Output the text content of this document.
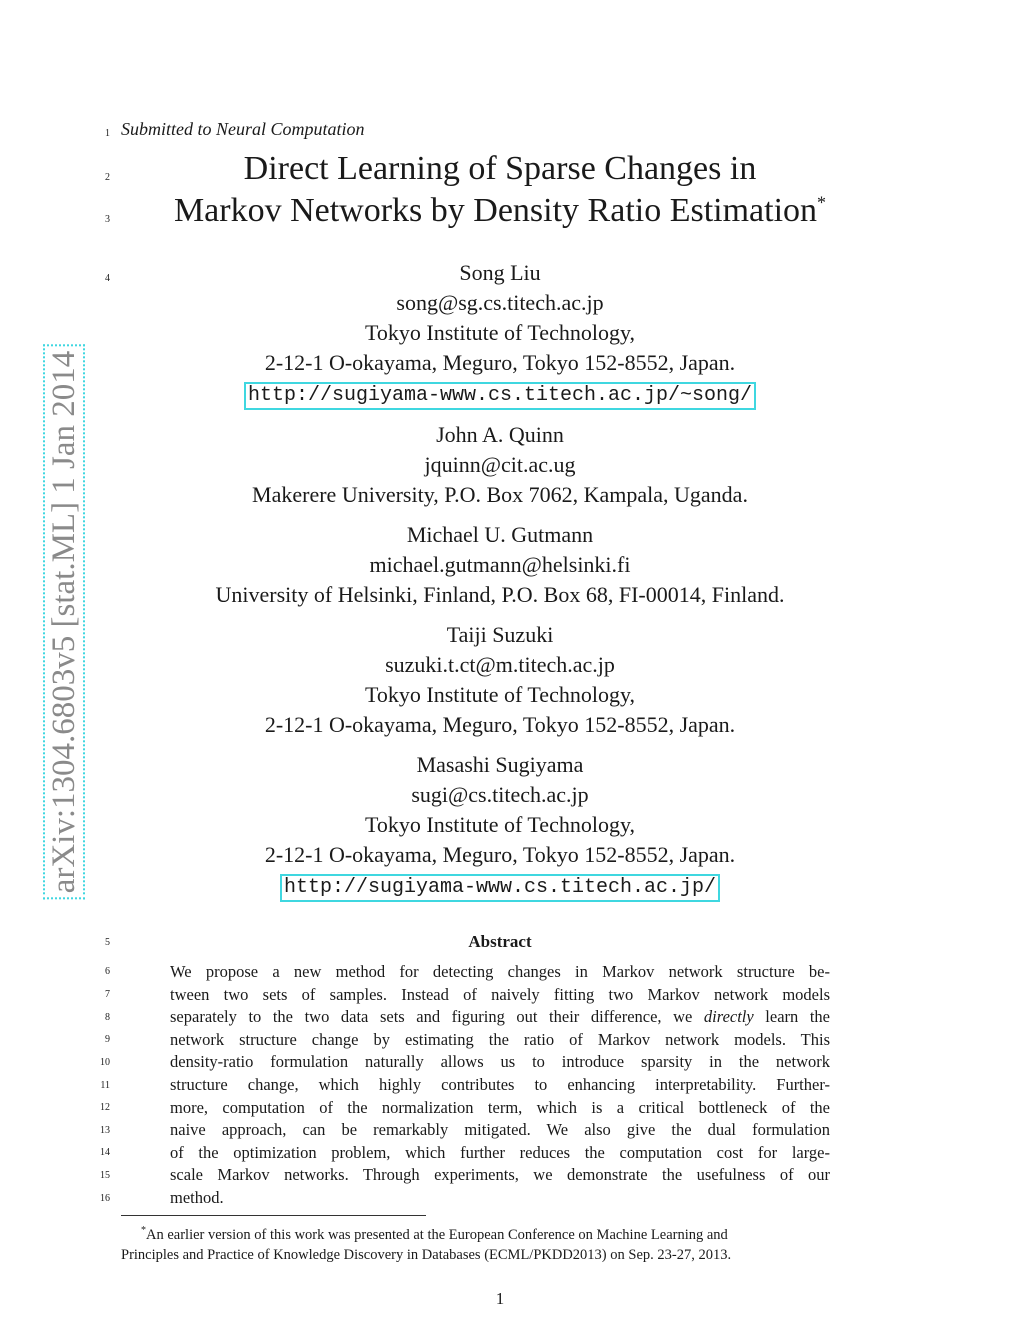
1
2
3
4
5
6
7
8
9
10
11
12
13
14
15
16
Submitted to Neural Computation
Direct Learning of Sparse Changes in
Markov Networks by Density Ratio Estimation*
arXiv:1304.6803v5 [stat.ML] 1 Jan 2014
Song Liu
song@sg.cs.titech.ac.jp
Tokyo Institute of Technology,
2-12-1 O-okayama, Meguro, Tokyo 152-8552, Japan.
http://sugiyama-www.cs.titech.ac.jp/~song/
John A. Quinn
jquinn@cit.ac.ug
Makerere University, P.O. Box 7062, Kampala, Uganda.
Michael U. Gutmann
michael.gutmann@helsinki.fi
University of Helsinki, Finland, P.O. Box 68, FI-00014, Finland.
Taiji Suzuki
suzuki.t.ct@m.titech.ac.jp
Tokyo Institute of Technology,
2-12-1 O-okayama, Meguro, Tokyo 152-8552, Japan.
Masashi Sugiyama
sugi@cs.titech.ac.jp
Tokyo Institute of Technology,
2-12-1 O-okayama, Meguro, Tokyo 152-8552, Japan.
http://sugiyama-www.cs.titech.ac.jp/
Abstract
We propose a new method for detecting changes in Markov network structure be-
tween two sets of samples. Instead of naively fitting two Markov network models
separately to the two data sets and figuring out their difference, we directly learn the
network structure change by estimating the ratio of Markov network models. This
density-ratio formulation naturally allows us to introduce sparsity in the network
structure change, which highly contributes to enhancing interpretability. Further-
more, computation of the normalization term, which is a critical bottleneck of the
naive approach, can be remarkably mitigated. We also give the dual formulation
of the optimization problem, which further reduces the computation cost for large-
scale Markov networks. Through experiments, we demonstrate the usefulness of our
method.
*An earlier version of this work was presented at the European Conference on Machine Learning and
Principles and Practice of Knowledge Discovery in Databases (ECML/PKDD2013) on Sep. 23-27, 2013.
1
